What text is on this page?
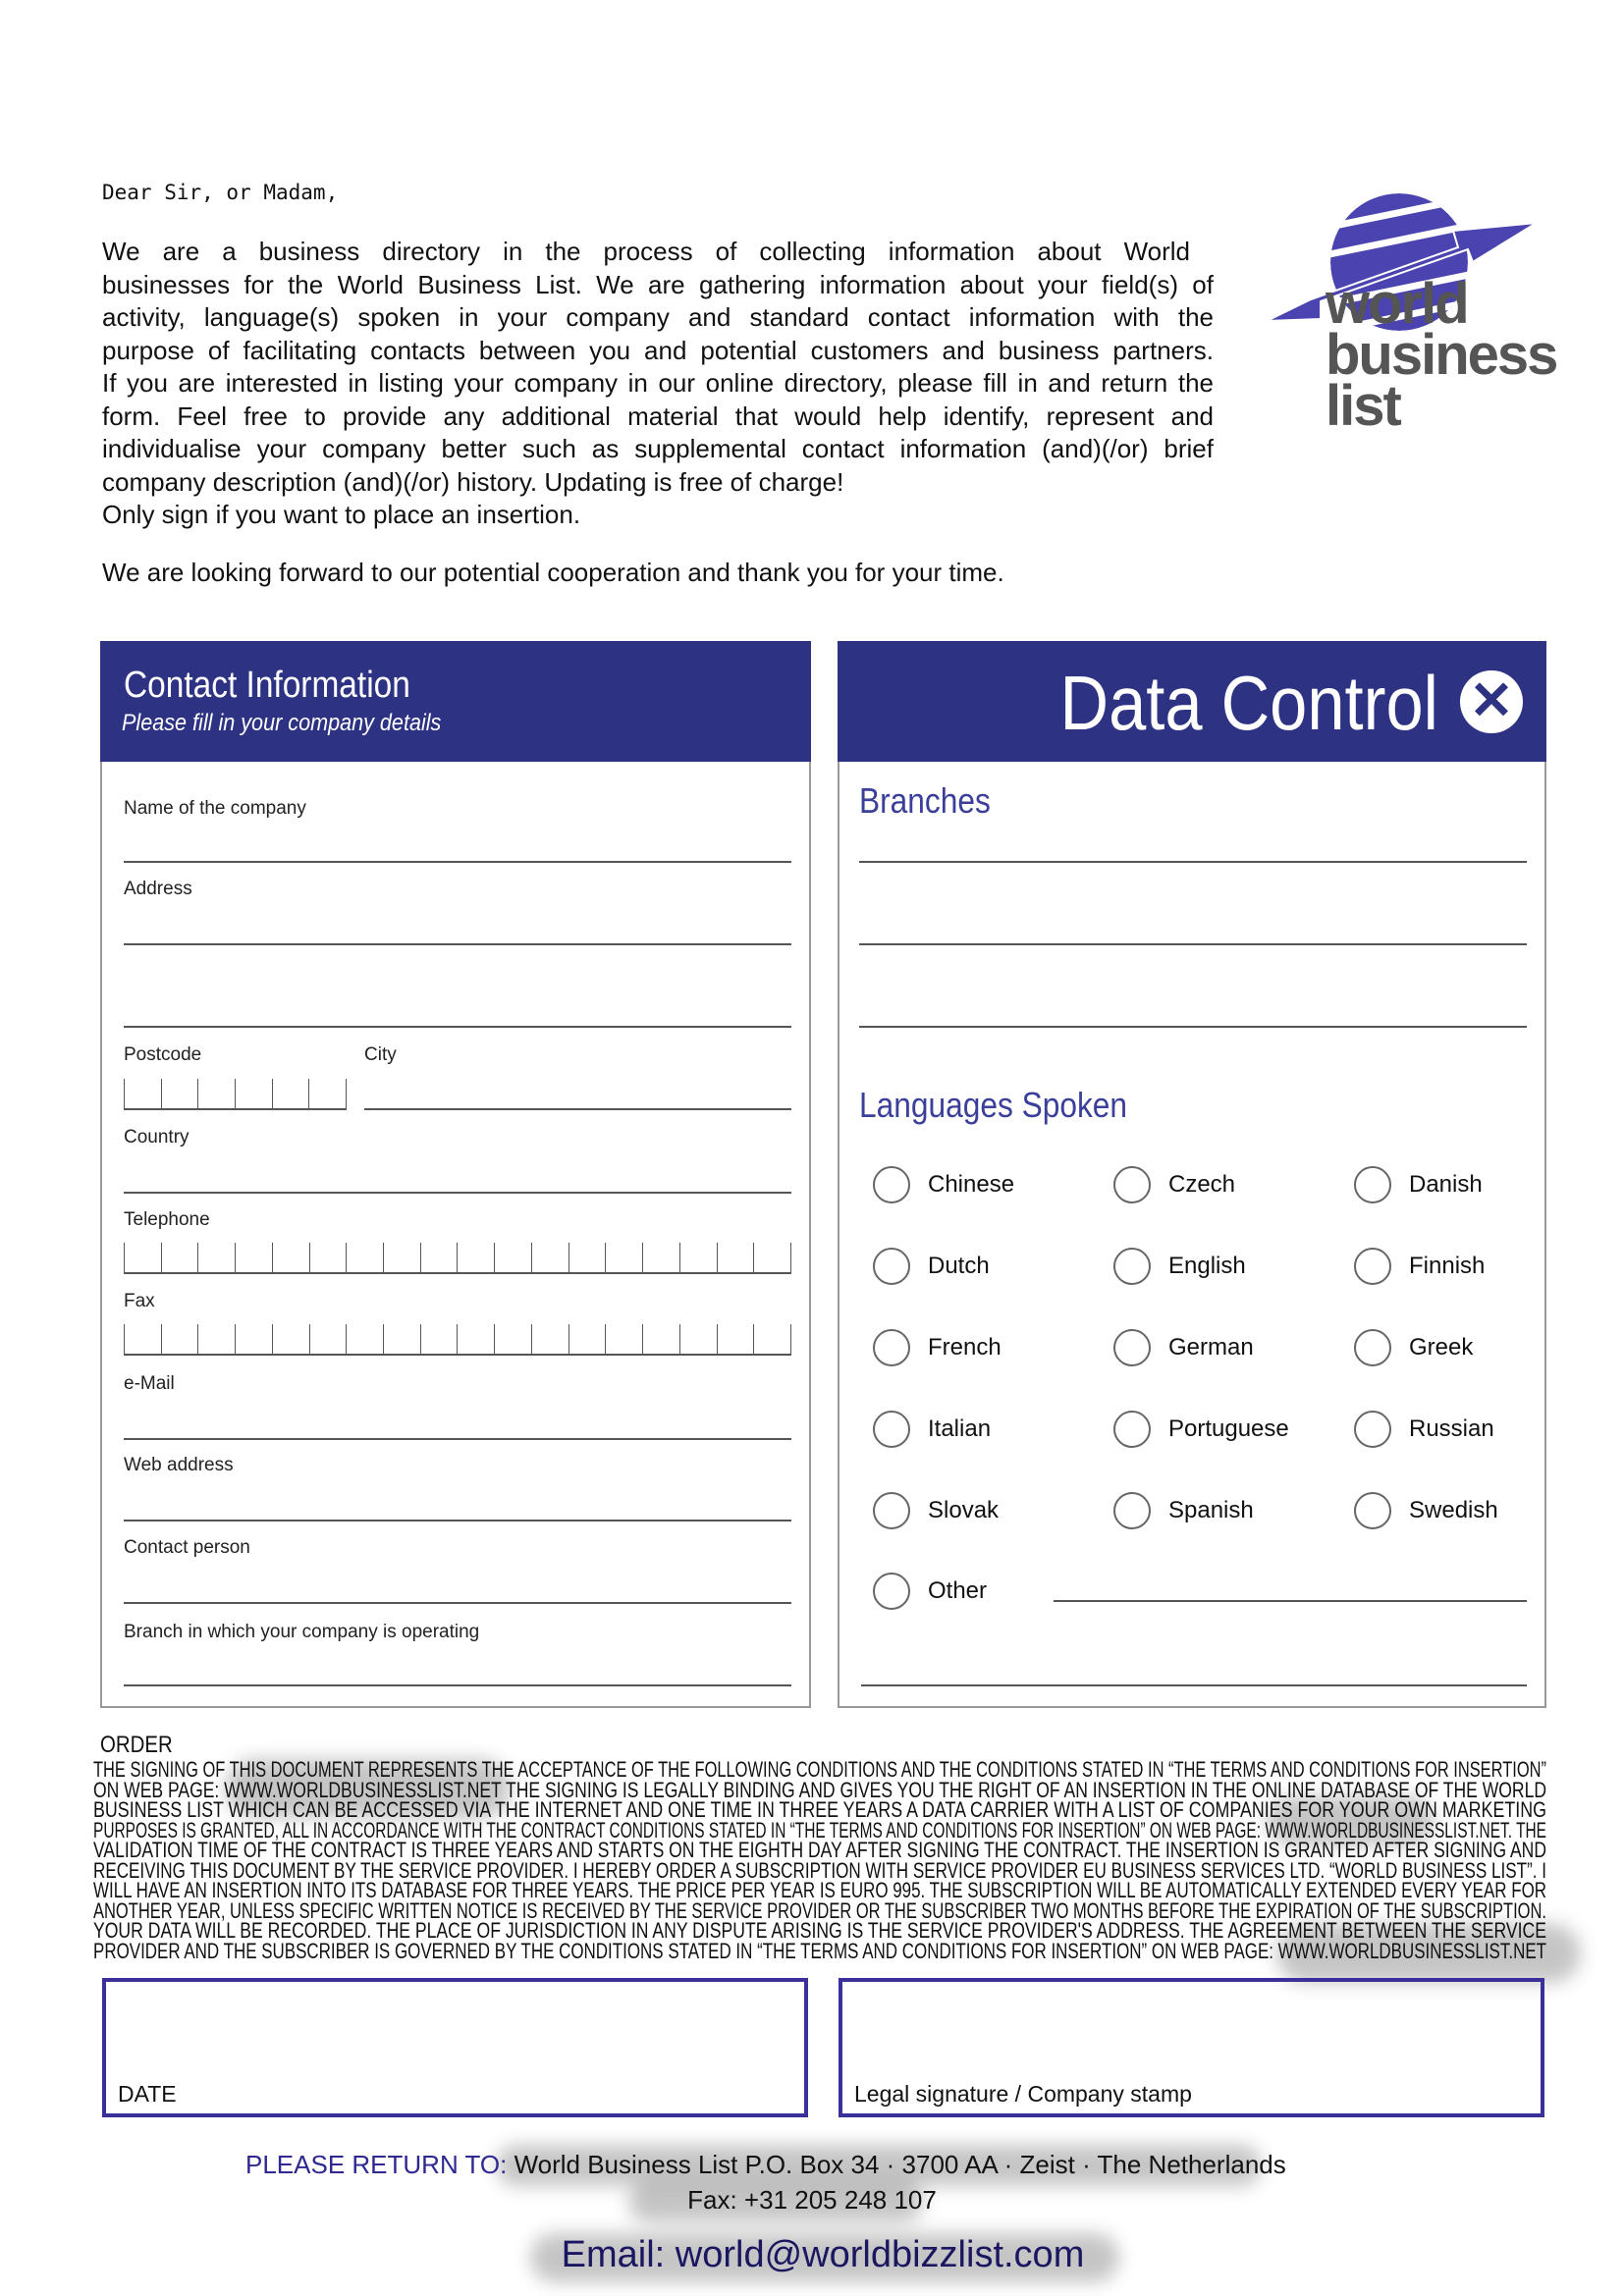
Dear Sir, or Madam,
We are a business directory in the process of collecting information about World
businesses for the World Business List. We are gathering information about your field(s) of
activity, language(s) spoken in your company and standard contact information with the
purpose of facilitating contacts between you and potential customers and business partners.
If you are interested in listing your company in our online directory, please fill in and return the
form. Feel free to provide any additional material that would help identify, represent and
individualise your company better such as supplemental contact information (and)(/or) brief
company description (and)(/or) history. Updating is free of charge!
Only sign if you want to place an insertion.
We are looking forward to our potential cooperation and thank you for your time.
world
business
list
Contact Information
Please fill in your company details
Name of the company
Address
Postcode	City
Country
Telephone
Fax
e-Mail
Web address
Contact person
Branch in which your company is operating
Data Control ✕
Branches
Languages Spoken
Other
Chinese	Czech	Danish
Dutch	English	Finnish
French	German	Greek
Italian	Portuguese	Russian
Slovak	Spanish	Swedish
ORDER
THE SIGNING OF THIS DOCUMENT REPRESENTS THE ACCEPTANCE OF THE FOLLOWING CONDITIONS AND THE CONDITIONS STATED IN “THE TERMS AND CONDITIONS FOR INSERTION”
ON WEB PAGE: WWW.WORLDBUSINESSLIST.NET THE SIGNING IS LEGALLY BINDING AND GIVES YOU THE RIGHT OF AN INSERTION IN THE ONLINE DATABASE OF THE WORLD
BUSINESS LIST WHICH CAN BE ACCESSED VIA THE INTERNET AND ONE TIME IN THREE YEARS A DATA CARRIER WITH A LIST OF COMPANIES FOR YOUR OWN MARKETING
PURPOSES IS GRANTED, ALL IN ACCORDANCE WITH THE CONTRACT CONDITIONS STATED IN “THE TERMS AND CONDITIONS FOR INSERTION” ON WEB PAGE: WWW.WORLDBUSINESSLIST.NET. THE
VALIDATION TIME OF THE CONTRACT IS THREE YEARS AND STARTS ON THE EIGHTH DAY AFTER SIGNING THE CONTRACT. THE INSERTION IS GRANTED AFTER SIGNING AND
RECEIVING THIS DOCUMENT BY THE SERVICE PROVIDER. I HEREBY ORDER A SUBSCRIPTION WITH SERVICE PROVIDER EU BUSINESS SERVICES LTD. “WORLD BUSINESS LIST”. I
WILL HAVE AN INSERTION INTO ITS DATABASE FOR THREE YEARS. THE PRICE PER YEAR IS EURO 995. THE SUBSCRIPTION WILL BE AUTOMATICALLY EXTENDED EVERY YEAR FOR
ANOTHER YEAR, UNLESS SPECIFIC WRITTEN NOTICE IS RECEIVED BY THE SERVICE PROVIDER OR THE SUBSCRIBER TWO MONTHS BEFORE THE EXPIRATION OF THE SUBSCRIPTION.
YOUR DATA WILL BE RECORDED. THE PLACE OF JURISDICTION IN ANY DISPUTE ARISING IS THE SERVICE PROVIDER'S ADDRESS. THE AGREEMENT BETWEEN THE SERVICE
PROVIDER AND THE SUBSCRIBER IS GOVERNED BY THE CONDITIONS STATED IN “THE TERMS AND CONDITIONS FOR INSERTION” ON WEB PAGE: WWW.WORLDBUSINESSLIST.NET
DATE	Legal signature / Company stamp
PLEASE RETURN TO: World Business List P.O. Box 34 · 3700 AA · Zeist · The Netherlands
Fax: +31 205 248 107
Email: world@worldbizzlist.com
